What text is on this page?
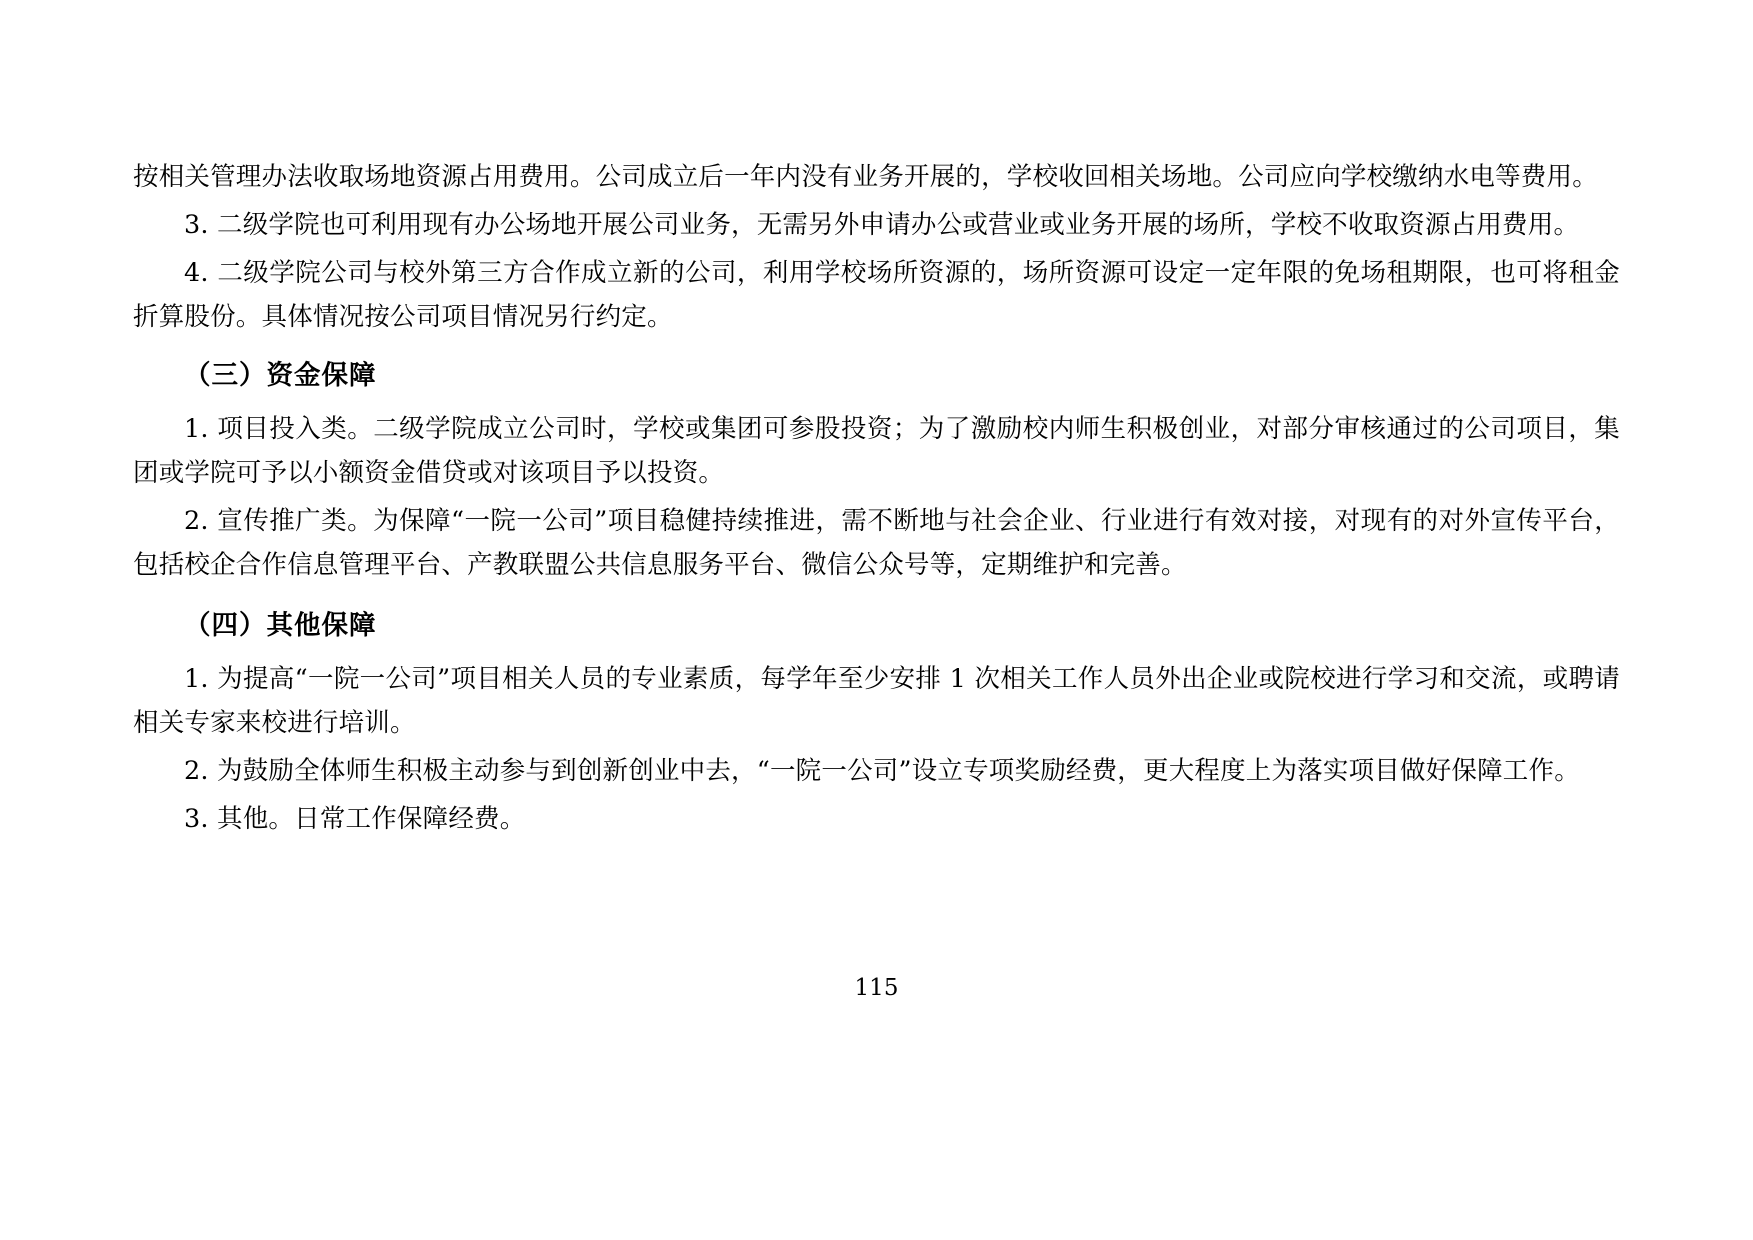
按相关管理办法收取场地资源占用费用。公司成立后一年内没有业务开展的，学校收回相关场地。公司应向学校缴纳水电等费用。

3. 二级学院也可利用现有办公场地开展公司业务，无需另外申请办公或营业或业务开展的场所，学校不收取资源占用费用。

4. 二级学院公司与校外第三方合作成立新的公司，利用学校场所资源的，场所资源可设定一定年限的免场租期限，也可将租金折算股份。具体情况按公司项目情况另行约定。

（三）资金保障

1. 项目投入类。二级学院成立公司时，学校或集团可参股投资；为了激励校内师生积极创业，对部分审核通过的公司项目，集团或学院可予以小额资金借贷或对该项目予以投资。

2. 宣传推广类。为保障“一院一公司”项目稳健持续推进，需不断地与社会企业、行业进行有效对接，对现有的对外宣传平台，包括校企合作信息管理平台、产教联盟公共信息服务平台、微信公众号等，定期维护和完善。

（四）其他保障

1. 为提高“一院一公司”项目相关人员的专业素质，每学年至少安排 1 次相关工作人员外出企业或院校进行学习和交流，或聘请相关专家来校进行培训。

2. 为鼓励全体师生积极主动参与到创新创业中去，“一院一公司”设立专项奖励经费，更大程度上为落实项目做好保障工作。

3. 其他。日常工作保障经费。

115
